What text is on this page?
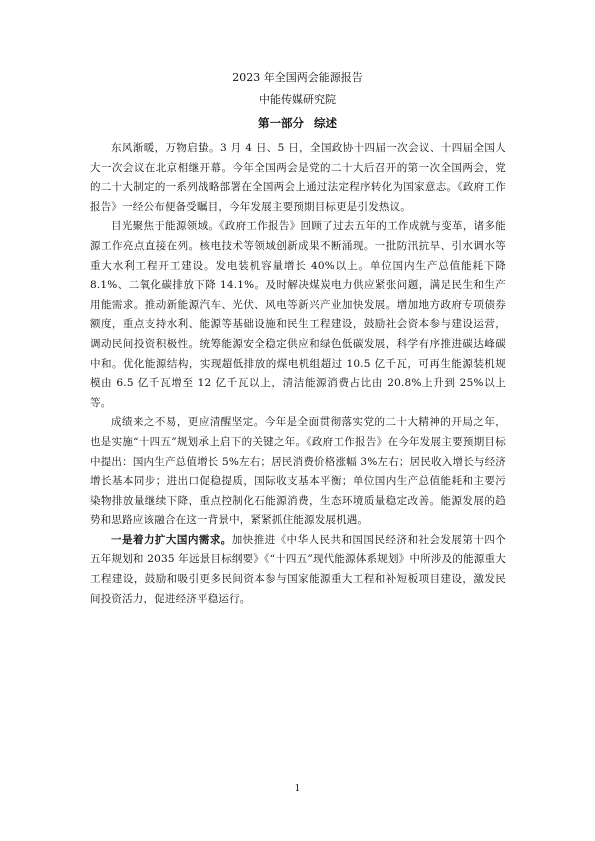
2023 年全国两会能源报告
中能传媒研究院
第一部分 综述

东风渐暖，万物启蛰。3 月 4 日、5 日，全国政协十四届一次会议、十四届全国人大一次会议在北京相继开幕。今年全国两会是党的二十大后召开的第一次全国两会，党的二十大制定的一系列战略部署在全国两会上通过法定程序转化为国家意志。《政府工作报告》一经公布便备受瞩目，今年发展主要预期目标更是引发热议。

目光聚焦于能源领域。《政府工作报告》回顾了过去五年的工作成就与变革，诸多能源工作亮点直接在列。核电技术等领域创新成果不断涌现。一批防汛抗旱、引水调水等重大水利工程开工建设。发电装机容量增长 40%以上。单位国内生产总值能耗下降 8.1%、二氧化碳排放下降 14.1%。及时解决煤炭电力供应紧张问题，满足民生和生产用能需求。推动新能源汽车、光伏、风电等新兴产业加快发展。增加地方政府专项债券额度，重点支持水利、能源等基础设施和民生工程建设，鼓励社会资本参与建设运营，调动民间投资积极性。统筹能源安全稳定供应和绿色低碳发展，科学有序推进碳达峰碳中和。优化能源结构，实现超低排放的煤电机组超过 10.5 亿千瓦，可再生能源装机规模由 6.5 亿千瓦增至 12 亿千瓦以上，清洁能源消费占比由 20.8%上升到 25%以上等。

成绩来之不易，更应清醒坚定。今年是全面贯彻落实党的二十大精神的开局之年，也是实施“十四五”规划承上启下的关键之年。《政府工作报告》在今年发展主要预期目标中提出：国内生产总值增长 5%左右；居民消费价格涨幅 3%左右；居民收入增长与经济增长基本同步；进出口促稳提质，国际收支基本平衡；单位国内生产总值能耗和主要污染物排放量继续下降，重点控制化石能源消费，生态环境质量稳定改善。能源发展的趋势和思路应该融合在这一背景中，紧紧抓住能源发展机遇。

一是着力扩大国内需求。加快推进《中华人民共和国国民经济和社会发展第十四个五年规划和 2035 年远景目标纲要》《“十四五”现代能源体系规划》中所涉及的能源重大工程建设，鼓励和吸引更多民间资本参与国家能源重大工程和补短板项目建设，激发民间投资活力，促进经济平稳运行。

1
